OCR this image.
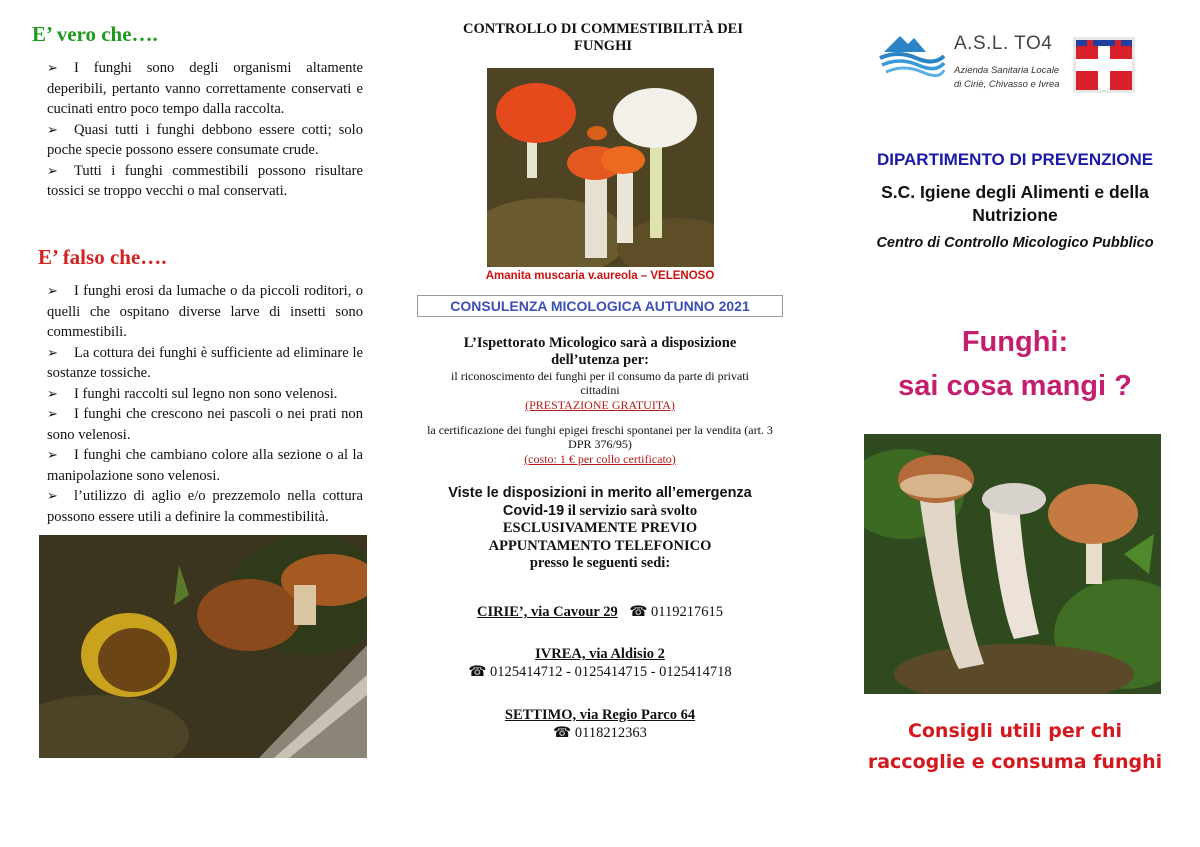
E’ vero che….
➢ I funghi sono degli organismi altamente deperibili, pertanto vanno correttamente conservati e cucinati entro poco tempo dalla raccolta.
➢ Quasi tutti i funghi debbono essere cotti; solo poche specie possono essere consumate crude.
➢ Tutti i funghi commestibili possono risultare tossici se troppo vecchi o mal conservati.
E’ falso che….
➢ I funghi erosi da lumache o da piccoli roditori, o quelli che ospitano diverse larve di insetti sono commestibili.
➢ La cottura dei funghi è sufficiente ad eliminare le sostanze tossiche.
➢ I funghi raccolti sul legno non sono velenosi.
➢ I funghi che crescono nei pascoli o nei prati non sono velenosi.
➢ I funghi che cambiano colore alla sezione o al la manipolazione sono velenosi.
➢ l’utilizzo di aglio e/o prezzemolo nella cottura possono essere utili a definire la commestibilità.
CONTROLLO DI COMMESTIBILITÀ DEI FUNGHI
Amanita muscaria v.aureola – VELENOSO
CONSULENZA MICOLOGICA AUTUNNO 2021
L’Ispettorato Micologico sarà a disposizione dell’utenza per:
il riconoscimento dei funghi per il consumo da parte di privati cittadini
(PRESTAZIONE GRATUITA)
la certificazione dei funghi epigei freschi spontanei per la vendita (art. 3 DPR 376/95)
(costo: 1 € per collo certificato)
Viste le disposizioni in merito all’emergenza
Covid-19 il servizio sarà svolto
ESCLUSIVAMENTE PREVIO
APPUNTAMENTO TELEFONICO
presso le seguenti sedi:
CIRIE’, via Cavour 29 ☎ 0119217615
IVREA, via Aldisio 2
☎ 0125414712 - 0125414715 - 0125414718
SETTIMO, via Regio Parco 64
☎ 0118212363
A.S.L. TO4
Azienda Sanitaria Locale
di Ciriè, Chivasso e Ivrea
DIPARTIMENTO DI PREVENZIONE
S.C. Igiene degli Alimenti e della Nutrizione
Centro di Controllo Micologico Pubblico
Funghi:
sai cosa mangi ?
Consigli utili per chi
raccoglie e consuma funghi
